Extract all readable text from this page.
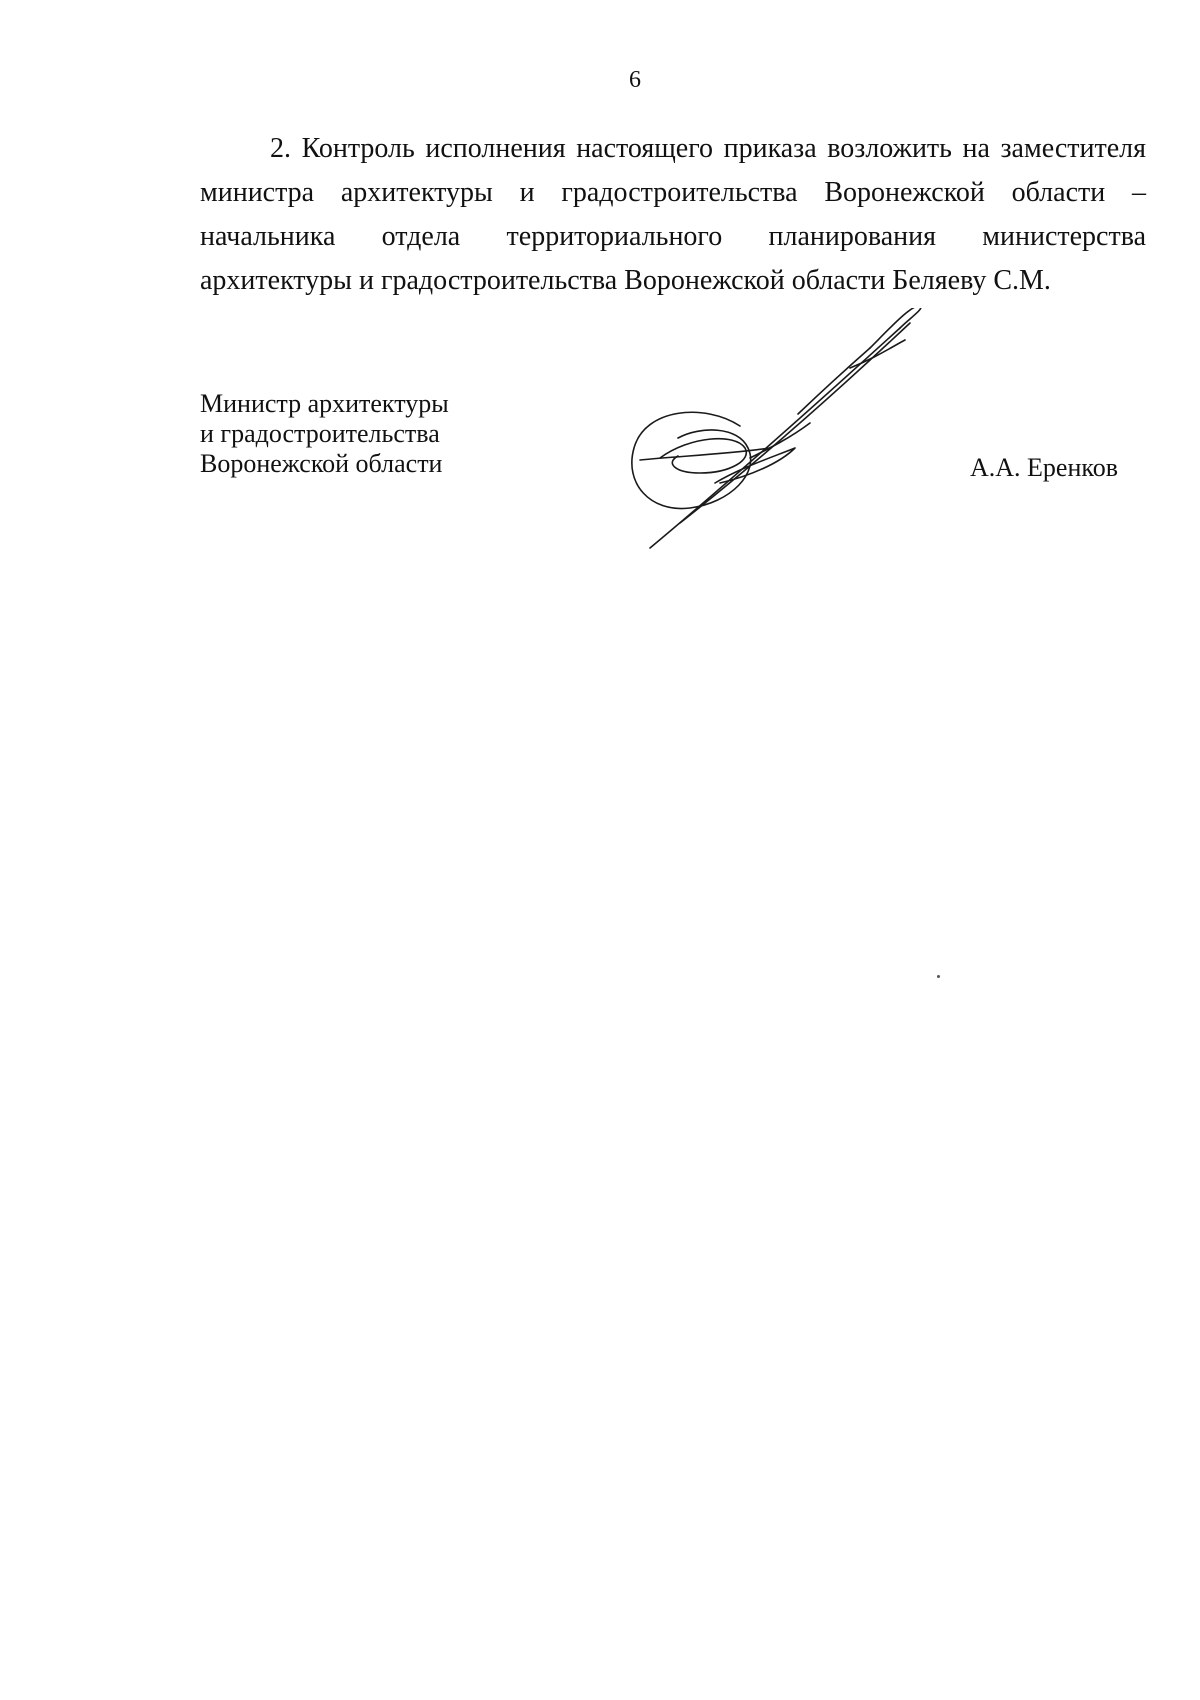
6
2. Контроль исполнения настоящего приказа возложить на заместителя министра архитектуры и градостроительства Воронежской области – начальника отдела территориального планирования министерства архитектуры и градостроительства Воронежской области Беляеву С.М.
Министр архитектуры
и градостроительства
Воронежской области	А.А. Еренков
